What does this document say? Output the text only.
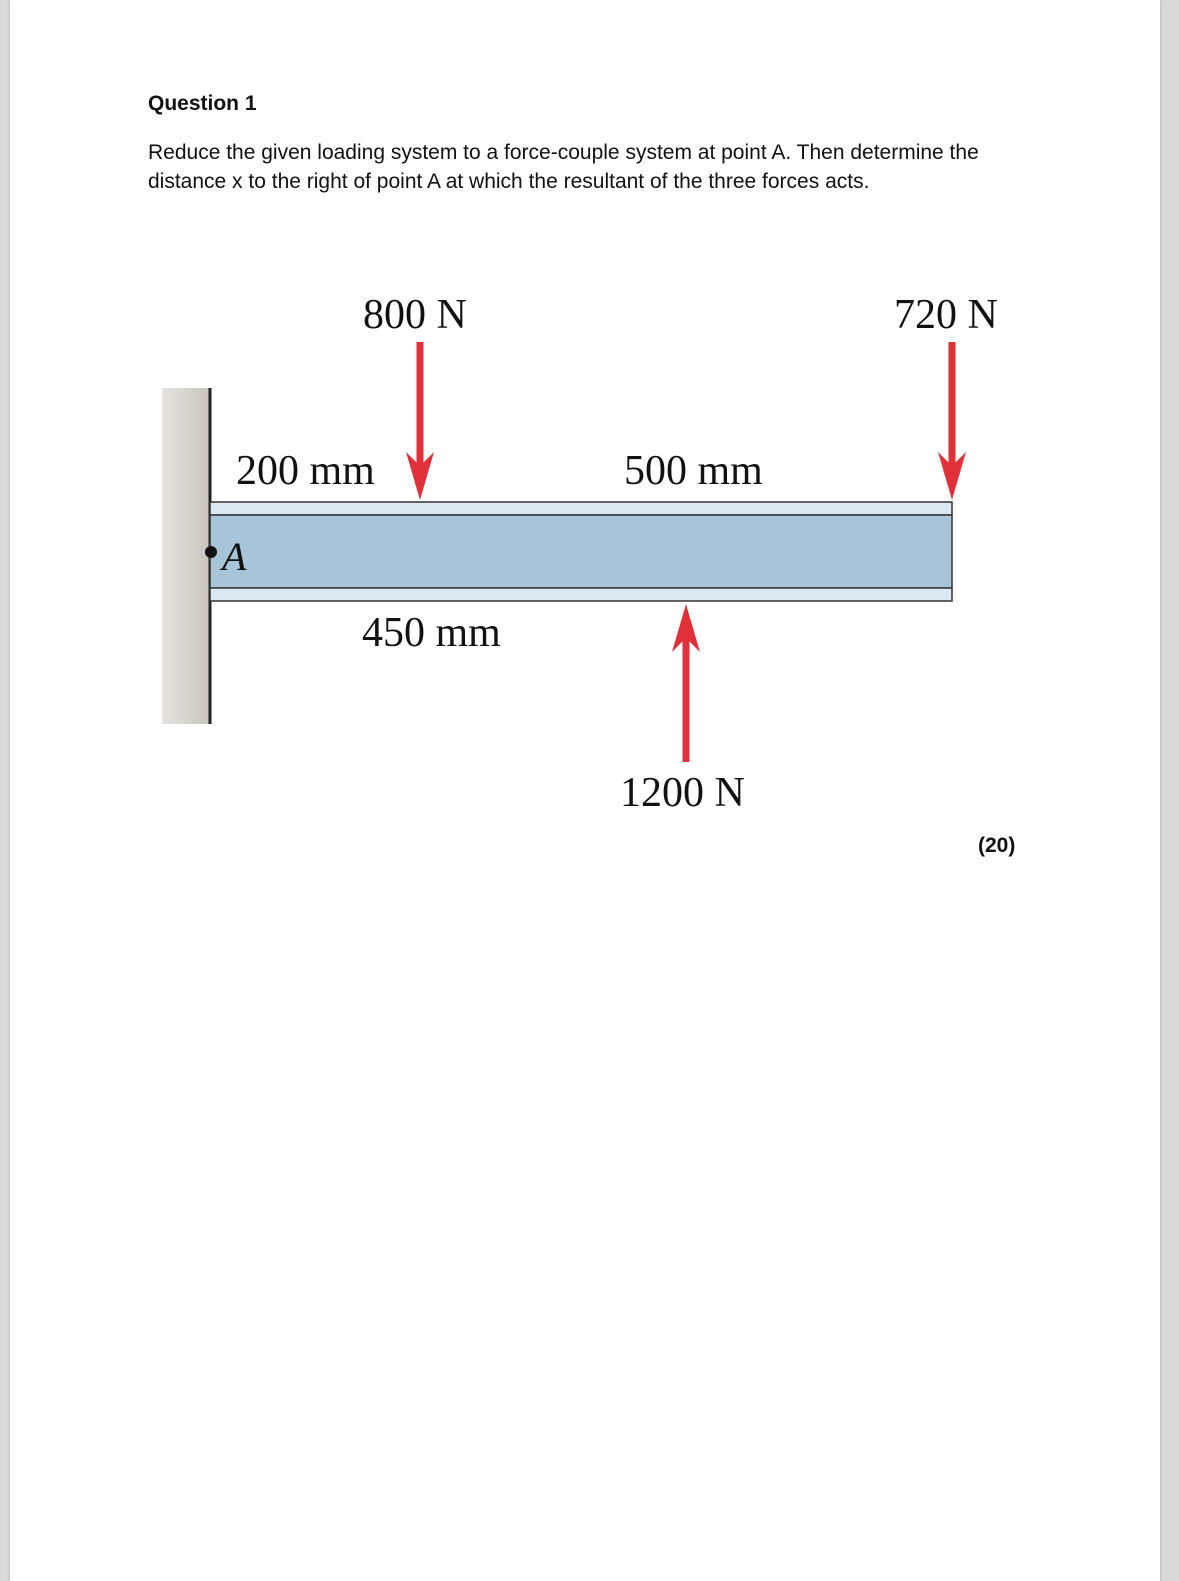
Question 1

Reduce the given loading system to a force-couple system at point A. Then determine the distance x to the right of point A at which the resultant of the three forces acts.

A
800 N	720 N
1200 N
200 mm	500 mm
450 mm
(20)
